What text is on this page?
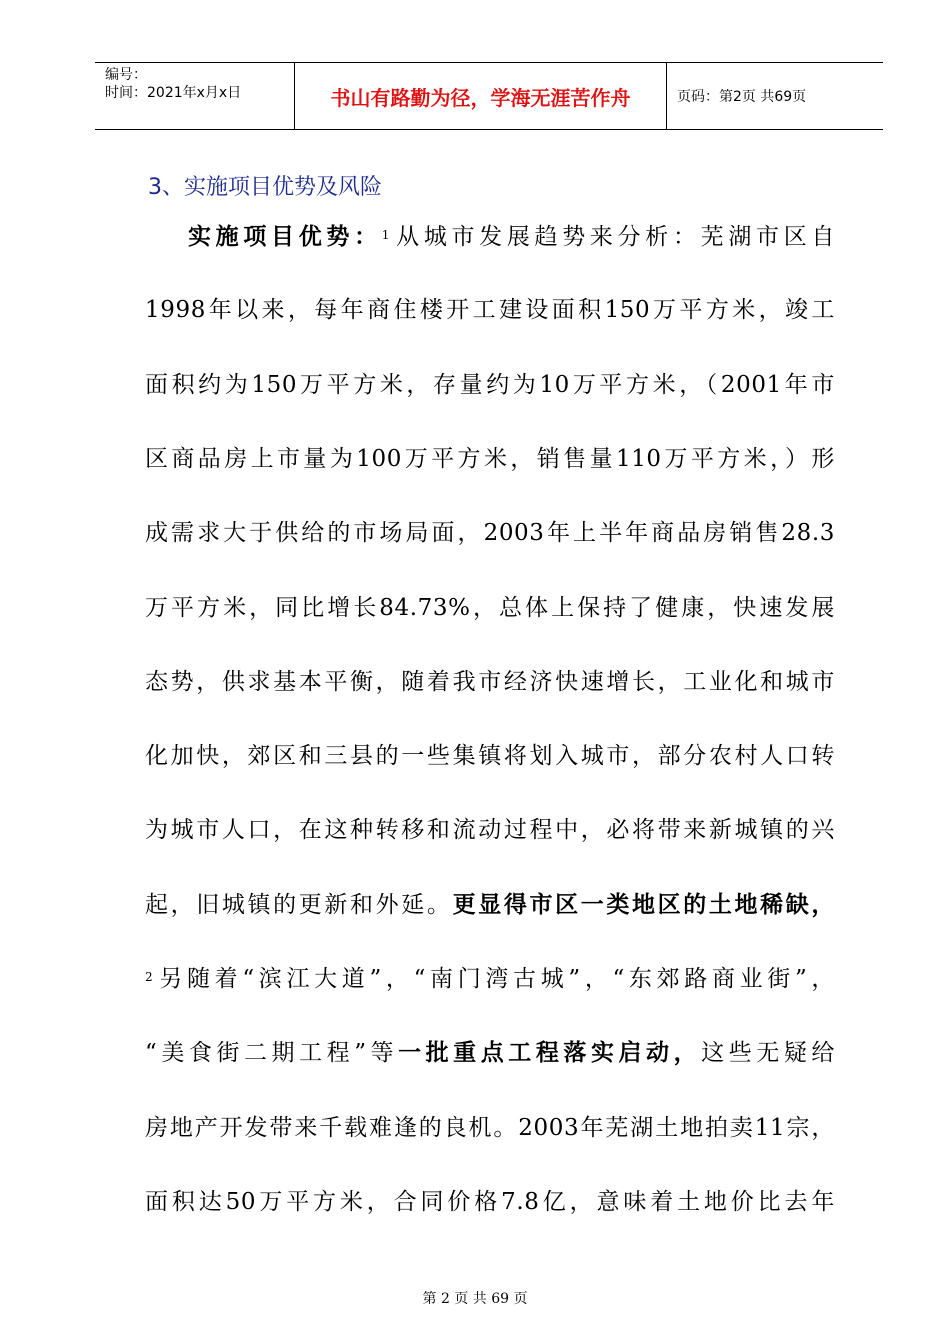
编号：
时间：2021年x月x日	书山有路勤为径，学海无涯苦作舟	页码：第2页 共69页
3、实施项目优势及风险
实施项目优势：$^1$从城市发展趋势来分析：芜湖市区自
1998年以来，每年商住楼开工建设面积150万平方米，竣工
面积约为150万平方米，存量约为10万平方米，（2001年市
区商品房上市量为100万平方米，销售量110万平方米，）形
成需求大于供给的市场局面，2003年上半年商品房销售28.3
万平方米，同比增长84.73%，总体上保持了健康，快速发展
态势，供求基本平衡，随着我市经济快速增长，工业化和城市
化加快，郊区和三县的一些集镇将划入城市，部分农村人口转
为城市人口，在这种转移和流动过程中，必将带来新城镇的兴
起，旧城镇的更新和外延。更显得市区一类地区的土地稀缺，
$^2$另随着“滨江大道”，“南门湾古城”，“东郊路商业街”，
“美食街二期工程”等一批重点工程落实启动，这些无疑给
房地产开发带来千载难逢的良机。2003年芜湖土地拍卖11宗，
面积达50万平方米，合同价格7.8亿，意味着土地价比去年
第 2 页 共 69 页
